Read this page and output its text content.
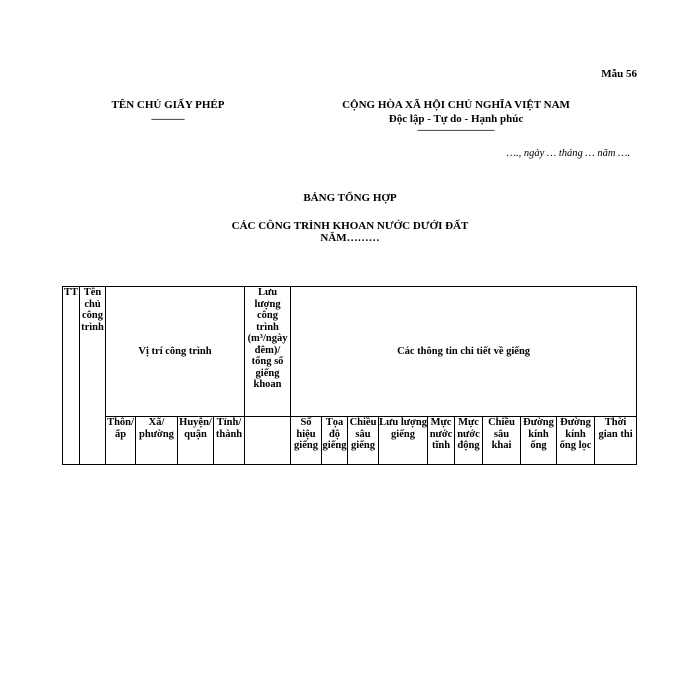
Mẫu 56
TÊN CHỦ GIẤY PHÉP
―――
CỘNG HÒA XÃ HỘI CHỦ NGHĨA VIỆT NAM
Độc lập - Tự do - Hạnh phúc
―――――――
…., ngày … tháng … năm ….
BẢNG TỔNG HỢP
CÁC CÔNG TRÌNH KHOAN NƯỚC DƯỚI ĐẤT
NĂM………
TT	Tên chủ công trình	Vị trí công trình				Lưu lượng công trình (m³/ngày đêm)/ tổng số giếng khoan	Các thông tin chi tiết về giếng									
		Thôn/ ấp	Xã/ phường	Huyện/ quận	Tỉnh/ thành		Số hiệu giếng	Tọa độ giếng	Chiều sâu giếng	Lưu lượng giếng	Mực nước tĩnh	Mực nước động	Chiều sâu khai	Đường kính ống	Đường kính ống lọc	Thời gian thi
